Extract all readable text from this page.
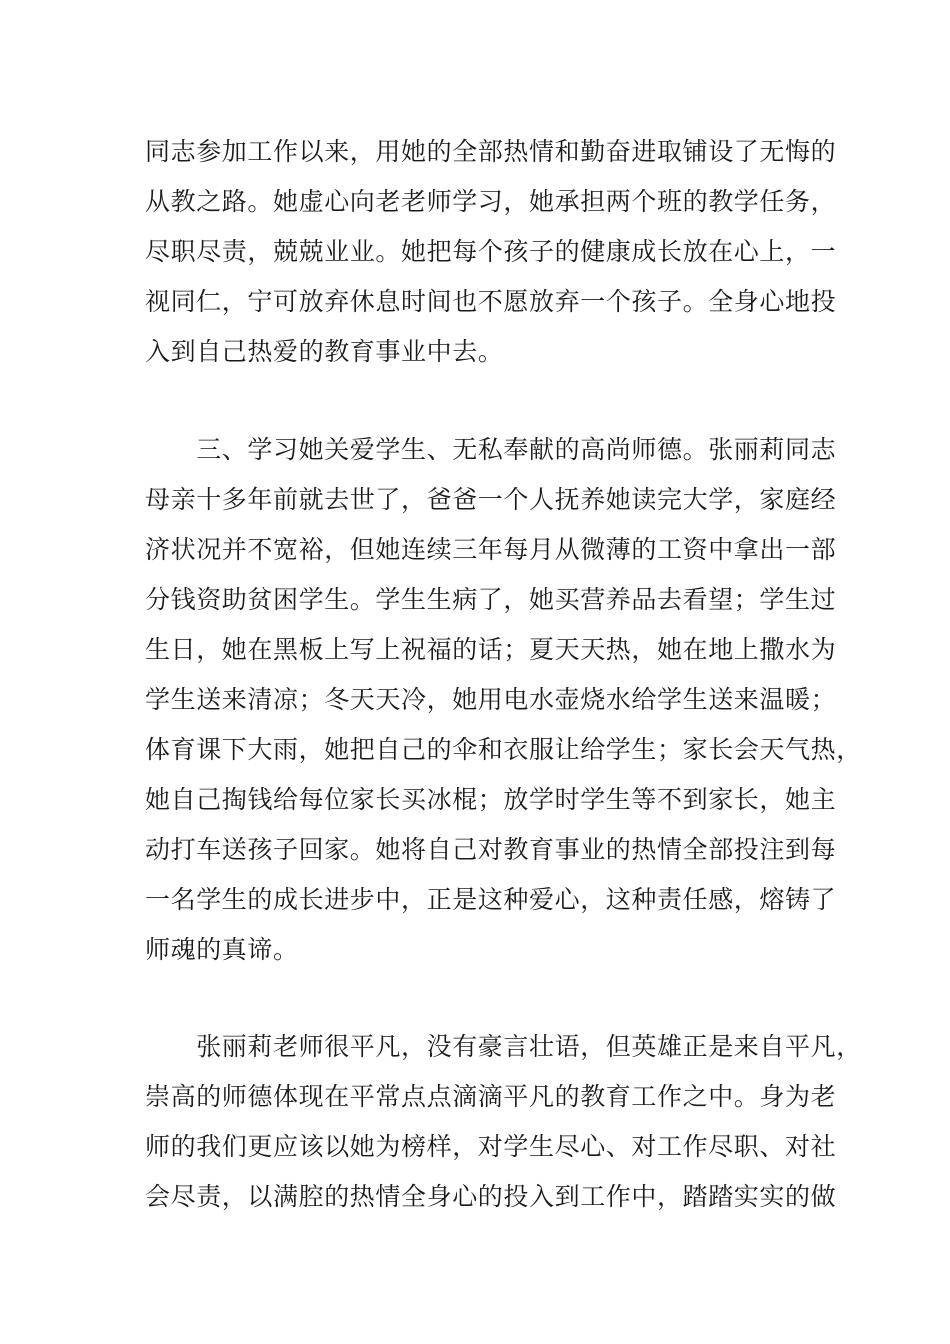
同志参加工作以来，用她的全部热情和勤奋进取铺设了无悔的
从教之路。她虚心向老老师学习，她承担两个班的教学任务，
尽职尽责，兢兢业业。她把每个孩子的健康成长放在心上，一
视同仁，宁可放弃休息时间也不愿放弃一个孩子。全身心地投
入到自己热爱的教育事业中去。
　　三、学习她关爱学生、无私奉献的高尚师德。张丽莉同志
母亲十多年前就去世了，爸爸一个人抚养她读完大学，家庭经
济状况并不宽裕，但她连续三年每月从微薄的工资中拿出一部
分钱资助贫困学生。学生生病了，她买营养品去看望；学生过
生日，她在黑板上写上祝福的话；夏天天热，她在地上撒水为
学生送来清凉；冬天天冷，她用电水壶烧水给学生送来温暖；
体育课下大雨，她把自己的伞和衣服让给学生；家长会天气热，
她自己掏钱给每位家长买冰棍；放学时学生等不到家长，她主
动打车送孩子回家。她将自己对教育事业的热情全部投注到每
一名学生的成长进步中，正是这种爱心，这种责任感，熔铸了
师魂的真谛。
　　张丽莉老师很平凡，没有豪言壮语，但英雄正是来自平凡，
崇高的师德体现在平常点点滴滴平凡的教育工作之中。身为老
师的我们更应该以她为榜样，对学生尽心、对工作尽职、对社
会尽责，以满腔的热情全身心的投入到工作中，踏踏实实的做
